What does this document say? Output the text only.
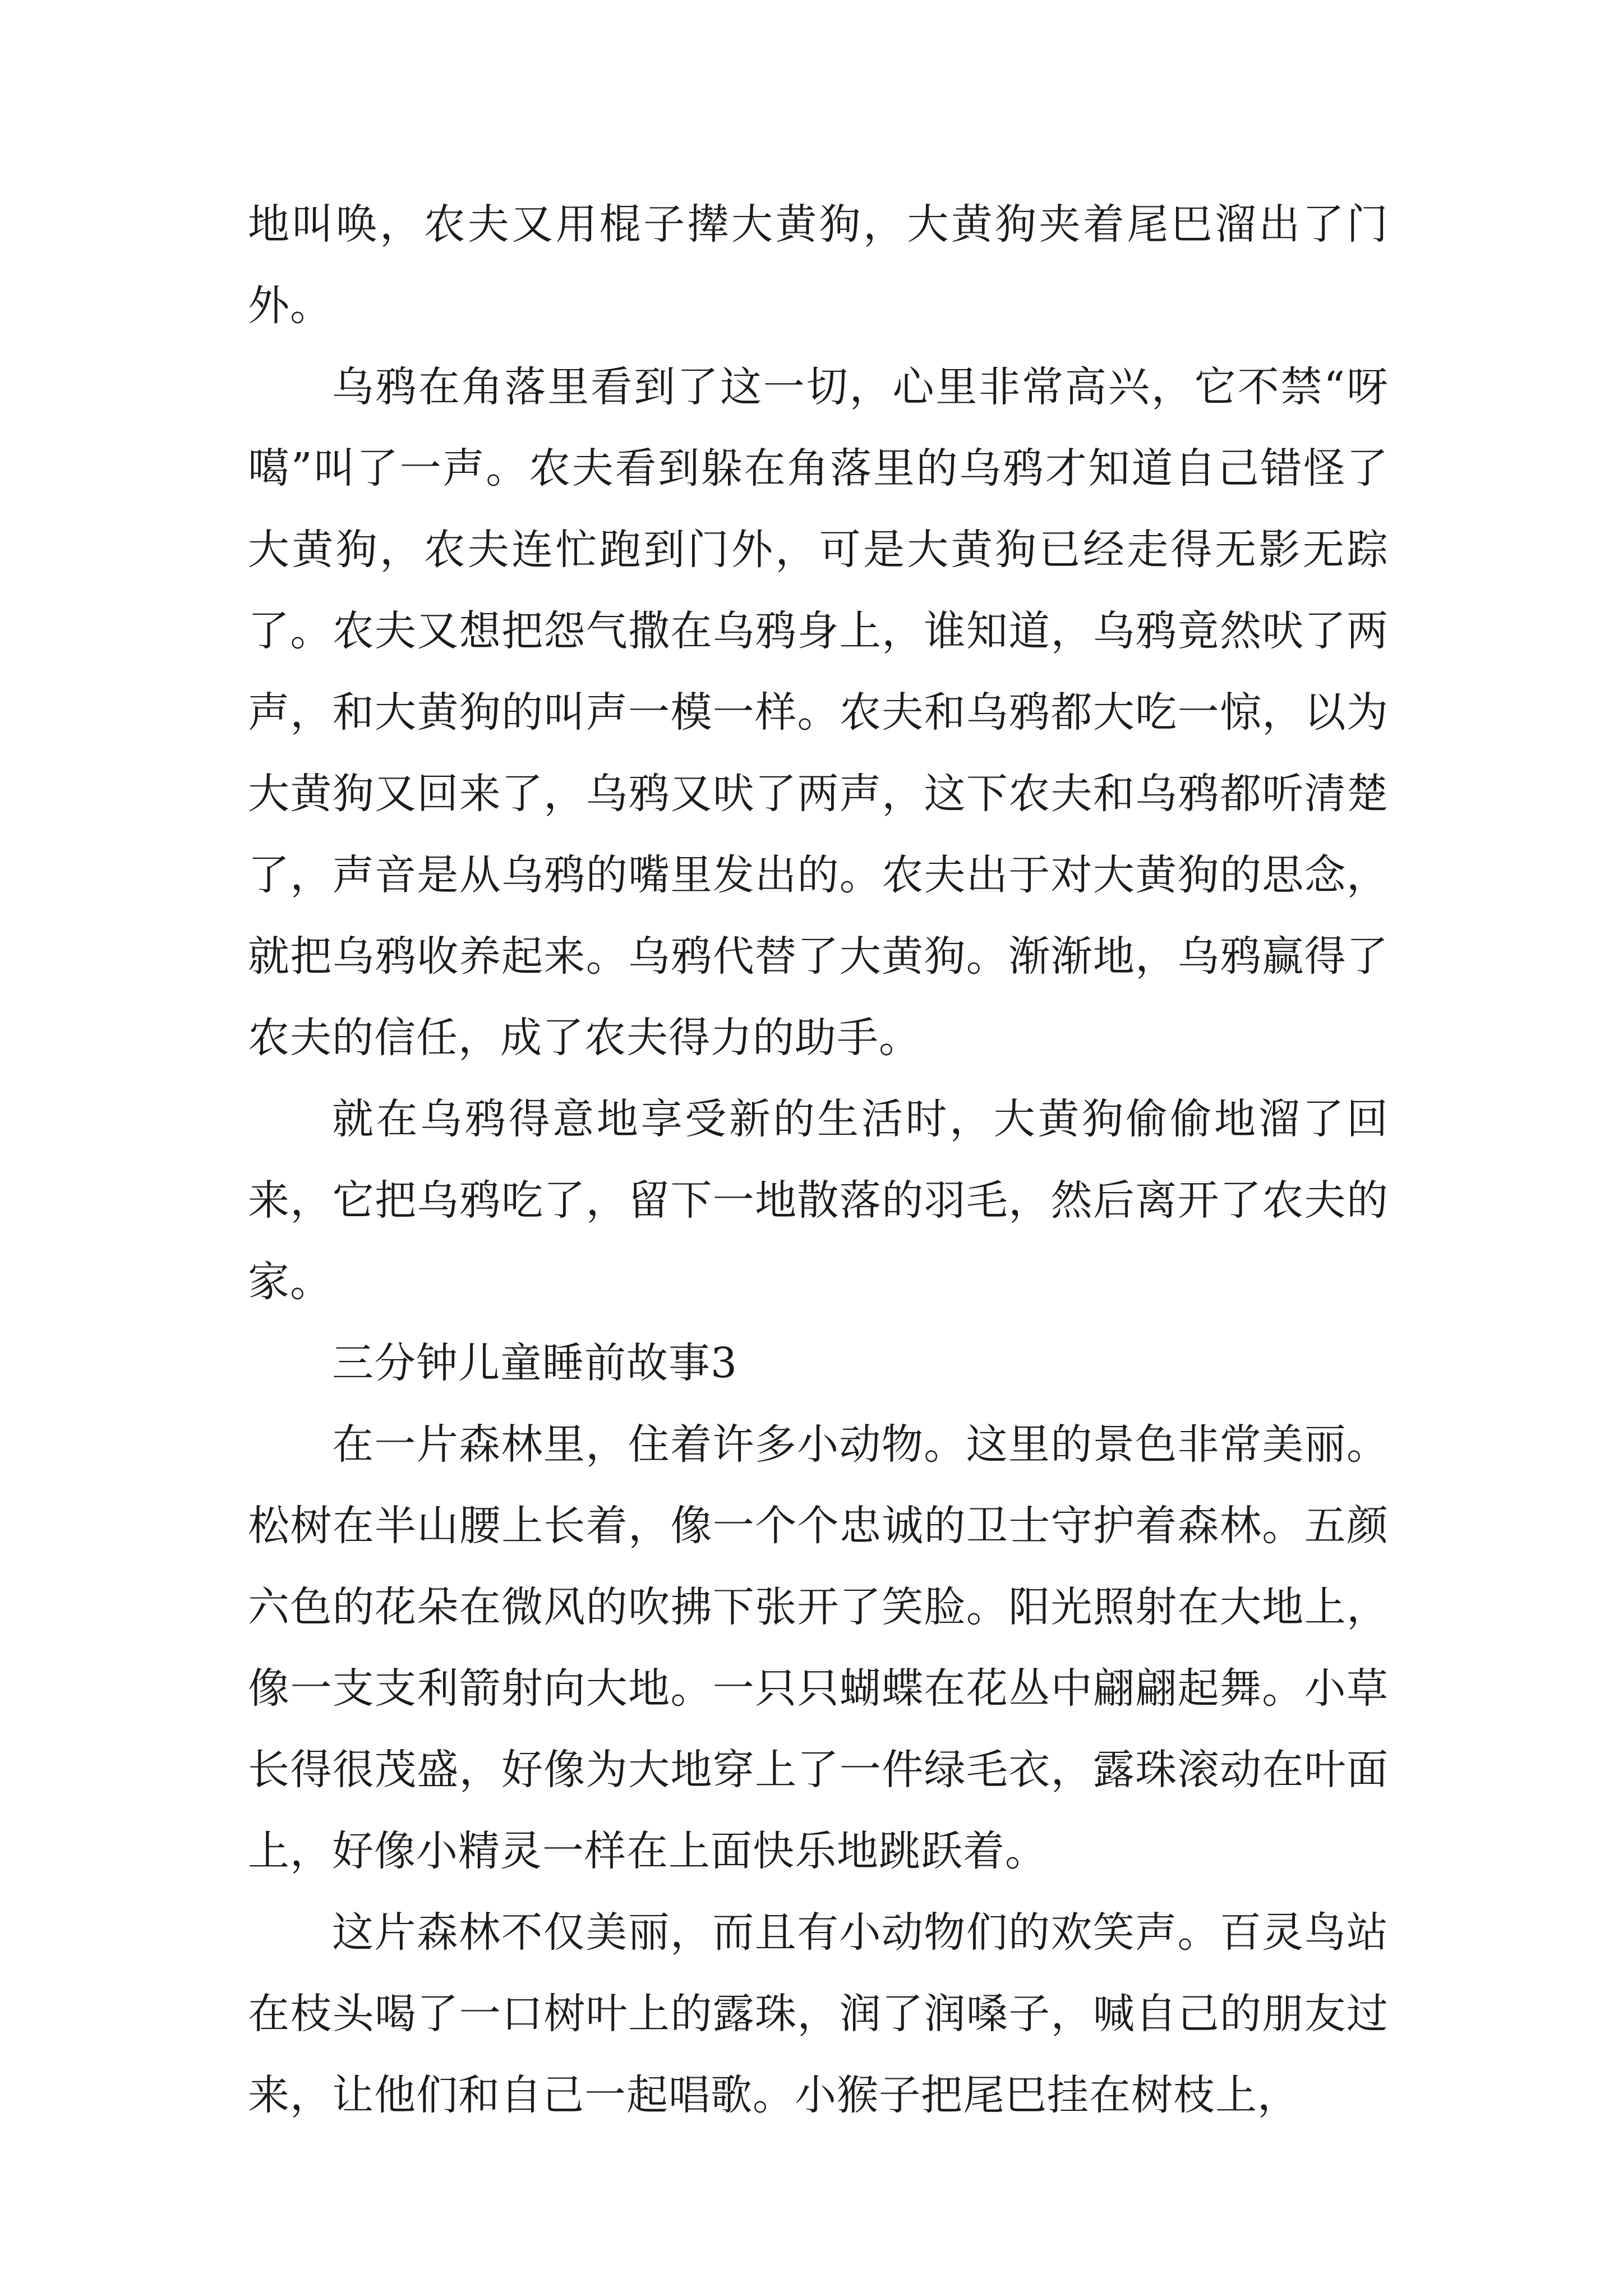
地叫唤，农夫又用棍子撵大黄狗，大黄狗夹着尾巴溜出了门外。

乌鸦在角落里看到了这一切，心里非常高兴，它不禁“呀噶”叫了一声。农夫看到躲在角落里的乌鸦才知道自己错怪了大黄狗，农夫连忙跑到门外，可是大黄狗已经走得无影无踪了。农夫又想把怨气撒在乌鸦身上，谁知道，乌鸦竟然吠了两声，和大黄狗的叫声一模一样。农夫和乌鸦都大吃一惊，以为大黄狗又回来了，乌鸦又吠了两声，这下农夫和乌鸦都听清楚了，声音是从乌鸦的嘴里发出的。农夫出于对大黄狗的思念，就把乌鸦收养起来。乌鸦代替了大黄狗。渐渐地，乌鸦赢得了农夫的信任，成了农夫得力的助手。

就在乌鸦得意地享受新的生活时，大黄狗偷偷地溜了回来，它把乌鸦吃了，留下一地散落的羽毛，然后离开了农夫的家。

三分钟儿童睡前故事3

在一片森林里，住着许多小动物。这里的景色非常美丽。松树在半山腰上长着，像一个个忠诚的卫士守护着森林。五颜六色的花朵在微风的吹拂下张开了笑脸。阳光照射在大地上，像一支支利箭射向大地。一只只蝴蝶在花丛中翩翩起舞。小草长得很茂盛，好像为大地穿上了一件绿毛衣，露珠滚动在叶面上，好像小精灵一样在上面快乐地跳跃着。

这片森林不仅美丽，而且有小动物们的欢笑声。百灵鸟站在枝头喝了一口树叶上的露珠，润了润嗓子，喊自己的朋友过来，让他们和自己一起唱歌。小猴子把尾巴挂在树枝上，
